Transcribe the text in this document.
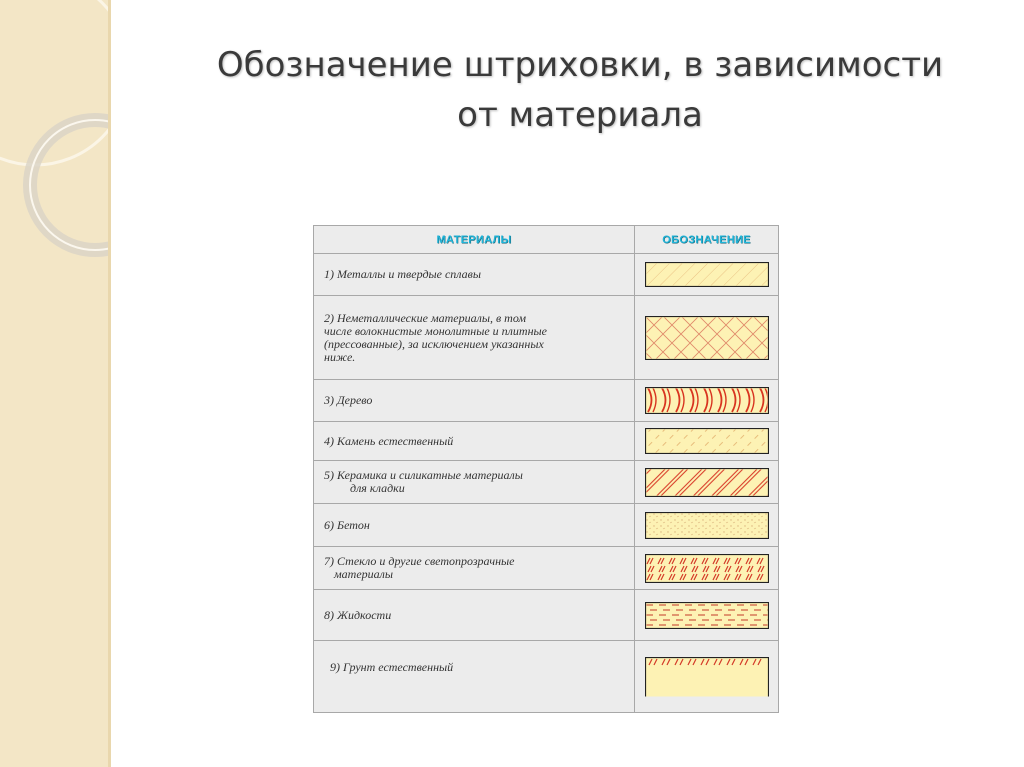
Обозначение штриховки, в зависимости
от материала
МАТЕРИАЛЫ	ОБОЗНАЧЕНИЕ

1) Металлы и твердые сплавы

2) Неметаллические материалы, в том
числе волокнистые монолитные и плитные
(прессованные), за исключением указанных
ниже.

3) Дерево

4) Камень естественный

5) Керамика и силикатные материалы
для кладки

6) Бетон

7) Стекло и другие светопрозрачные
материалы

8) Жидкости

9) Грунт естественный
